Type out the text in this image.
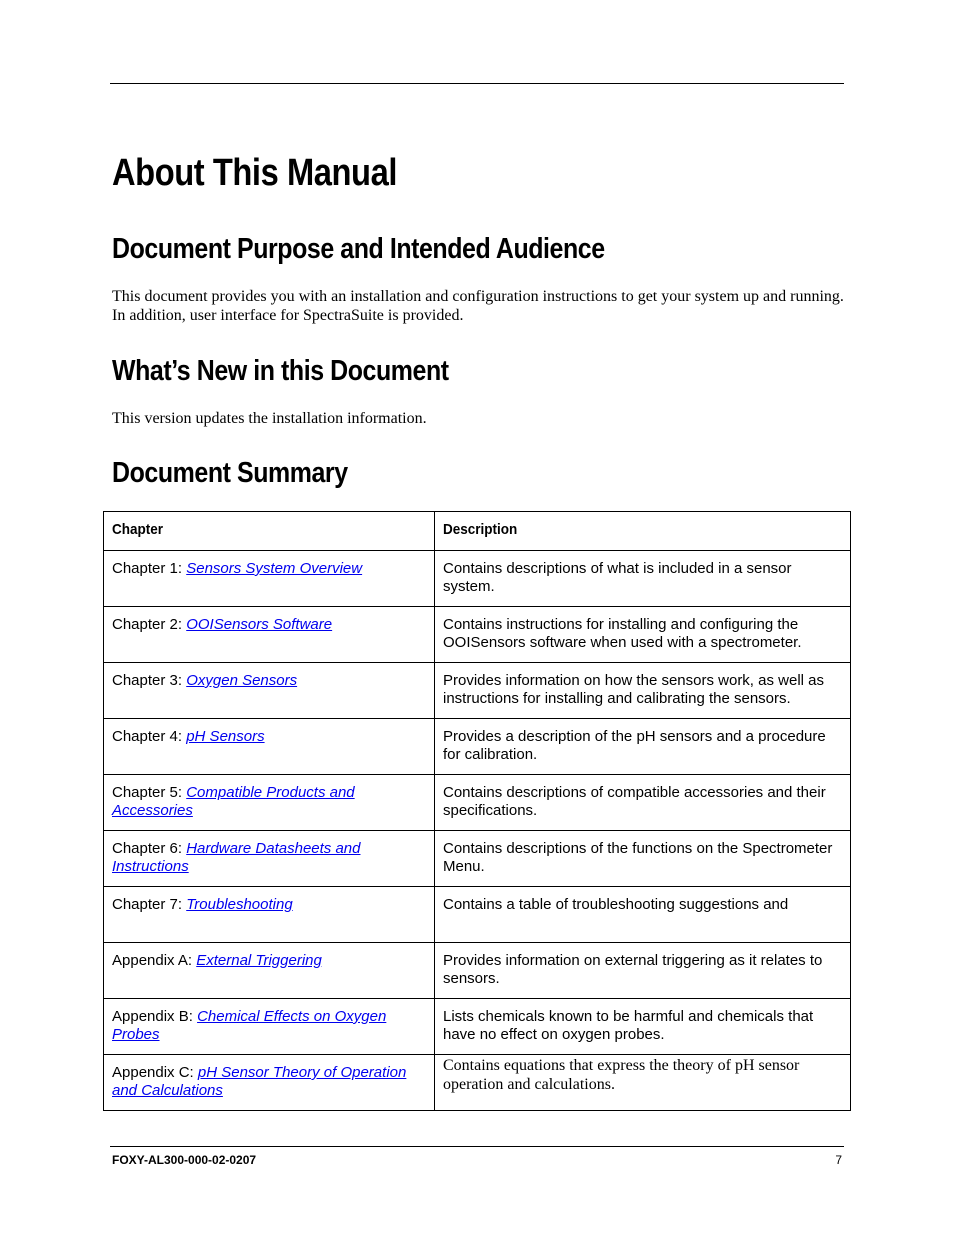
About This Manual
Document Purpose and Intended Audience

This document provides you with an installation and configuration instructions to get your system up and running. In addition, user interface for SpectraSuite is provided.

What’s New in this Document

This version updates the installation information.

Document Summary
Chapter	Description
Chapter 1: Sensors System Overview	Contains descriptions of what is included in a sensor system.
Chapter 2: OOISensors Software	Contains instructions for installing and configuring the OOISensors software when used with a spectrometer.
Chapter 3: Oxygen Sensors	Provides information on how the sensors work, as well as instructions for installing and calibrating the sensors.
Chapter 4: pH Sensors	Provides a description of the pH sensors and a procedure for calibration.
Chapter 5: Compatible Products and Accessories	Contains descriptions of compatible accessories and their specifications.
Chapter 6: Hardware Datasheets and Instructions	Contains descriptions of the functions on the Spectrometer Menu.
Chapter 7: Troubleshooting	Contains a table of troubleshooting suggestions and
Appendix A: External Triggering	Provides information on external triggering as it relates to sensors.
Appendix B: Chemical Effects on Oxygen Probes	Lists chemicals known to be harmful and chemicals that have no effect on oxygen probes.
Appendix C: pH Sensor Theory of Operation and Calculations	Contains equations that express the theory of pH sensor operation and calculations.
FOXY-AL300-000-02-0207	7
